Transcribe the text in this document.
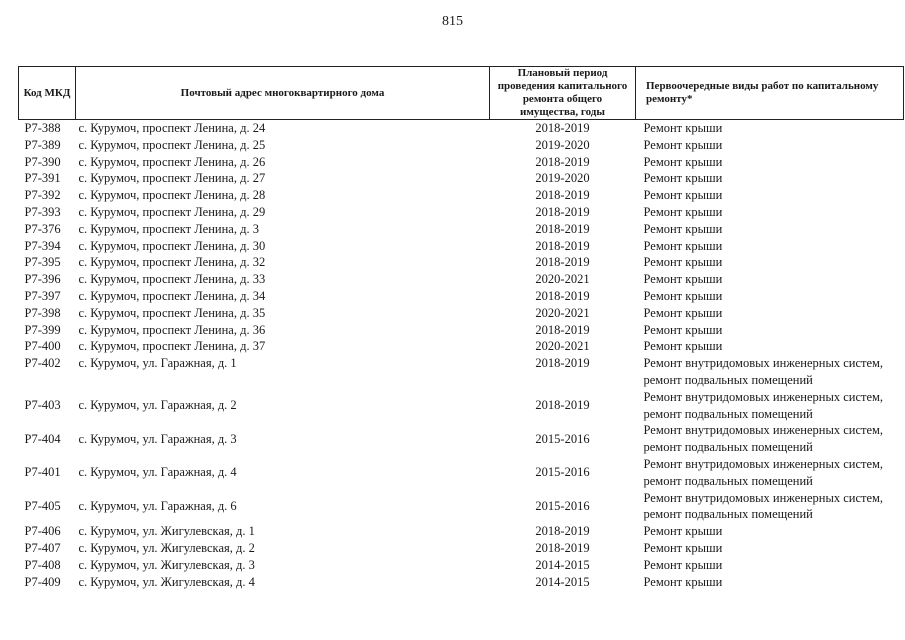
815
Код МКД	Почтовый адрес многоквартирного дома	Плановый период проведения капитального ремонта общего имущества, годы	Первоочередные виды работ по капитальному ремонту*
Р7-388	с. Курумоч, проспект Ленина, д. 24	2018-2019	Ремонт крыши
Р7-389	с. Курумоч, проспект Ленина, д. 25	2019-2020	Ремонт крыши
Р7-390	с. Курумоч, проспект Ленина, д. 26	2018-2019	Ремонт крыши
Р7-391	с. Курумоч, проспект Ленина, д. 27	2019-2020	Ремонт крыши
Р7-392	с. Курумоч, проспект Ленина, д. 28	2018-2019	Ремонт крыши
Р7-393	с. Курумоч, проспект Ленина, д. 29	2018-2019	Ремонт крыши
Р7-376	с. Курумоч, проспект Ленина, д. 3	2018-2019	Ремонт крыши
Р7-394	с. Курумоч, проспект Ленина, д. 30	2018-2019	Ремонт крыши
Р7-395	с. Курумоч, проспект Ленина, д. 32	2018-2019	Ремонт крыши
Р7-396	с. Курумоч, проспект Ленина, д. 33	2020-2021	Ремонт крыши
Р7-397	с. Курумоч, проспект Ленина, д. 34	2018-2019	Ремонт крыши
Р7-398	с. Курумоч, проспект Ленина, д. 35	2020-2021	Ремонт крыши
Р7-399	с. Курумоч, проспект Ленина, д. 36	2018-2019	Ремонт крыши
Р7-400	с. Курумоч, проспект Ленина, д. 37	2020-2021	Ремонт крыши
Р7-402	с. Курумоч, ул. Гаражная, д. 1	2018-2019	Ремонт внутридомовых инженерных систем,
ремонт подвальных помещений

Р7-403	с. Курумоч, ул. Гаражная, д. 2	2018-2019	Ремонт внутридомовых инженерных систем,
ремонт подвальных помещений

Р7-404	с. Курумоч, ул. Гаражная, д. 3	2015-2016	Ремонт внутридомовых инженерных систем,
ремонт подвальных помещений

Р7-401	с. Курумоч, ул. Гаражная, д. 4	2015-2016	Ремонт внутридомовых инженерных систем,
ремонт подвальных помещений

Р7-405	с. Курумоч, ул. Гаражная, д. 6	2015-2016	Ремонт внутридомовых инженерных систем,
ремонт подвальных помещений

Р7-406	с. Курумоч, ул. Жигулевская, д. 1	2018-2019	Ремонт крыши
Р7-407	с. Курумоч, ул. Жигулевская, д. 2	2018-2019	Ремонт крыши
Р7-408	с. Курумоч, ул. Жигулевская, д. 3	2014-2015	Ремонт крыши
Р7-409	с. Курумоч, ул. Жигулевская, д. 4	2014-2015	Ремонт крыши
